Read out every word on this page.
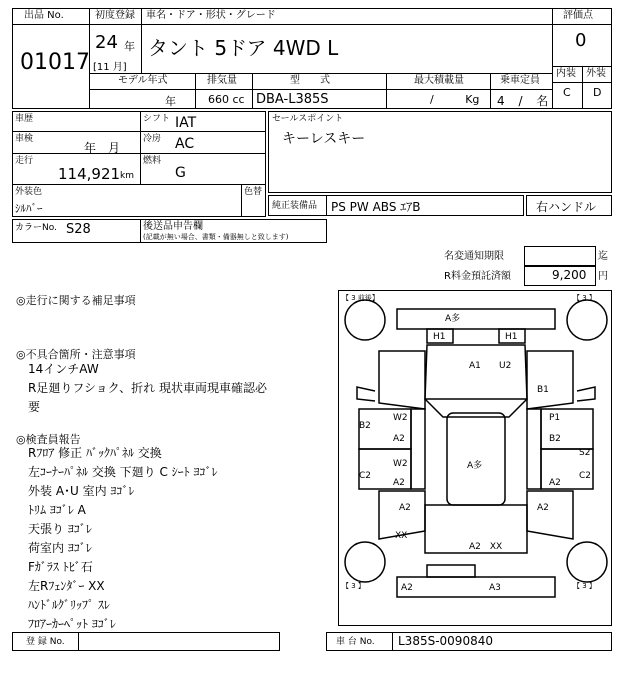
出品 No.
01017
初度登録
24 年
[11 月]
車名・ドア・形状・グレード
タント 5ドア 4WD L
評価点
0
内装 外装
C D
モデル年式	排気量	型　　式	最大積載量	乗車定員
年	660 cc DBA-L385S	/ Kg 4 / 名
車歴	シフト IAT
車検
年　月
冷房 AC
走行
114,921 km
燃料
G
外装色
ｼﾙﾊﾞｰ
色替
カラーNo. S28	後送品申告欄
(記載が無い場合、書類・備器無しと致します)
セールスポイント
キーレスキー
純正装備品 PS PW ABS ｴｱB	右ハンドル
名変通知期限	迄
R料金預託済額	9,200 円
◎走行に関する補足事項
◎不具合箇所・注意事項
14インチAW
R足廻りフショク、折れ 現状車両現車確認必
要
◎検査員報告
Rﾌﾛｱ 修正 ﾊﾞｯｸﾊﾟﾈﾙ 交換
左ｺｰﾅｰﾊﾟﾈﾙ 交換 下廻り C ｼｰﾄ ﾖｺﾞﾚ
外装 A･U 室内 ﾖｺﾞﾚ
ﾄﾘﾑ ﾖｺﾞﾚ A
天張り ﾖｺﾞﾚ
荷室内 ﾖｺﾞﾚ
Fｶﾞﾗｽ ﾄﾋﾞ石
左Rﾌｪﾝﾀﾞｰ XX
ﾊﾝﾄﾞﾙｸﾞﾘｯﾌﾟ ｽﾚ
ﾌﾛｱｰｶｰﾍﾟｯﾄ ﾖｺﾞﾚ
【 3 前後】	【 3 】
【 3 】	【 3 】
A多
H1	H1
A1 U2
B1
B2
W2
A2
P1
B2
C2
W2
A2
A多
S2
C2
A2
A2
XX
A2
A2　XX
A2	A3
登 録 No.	車 台 No. L385S-0090840
